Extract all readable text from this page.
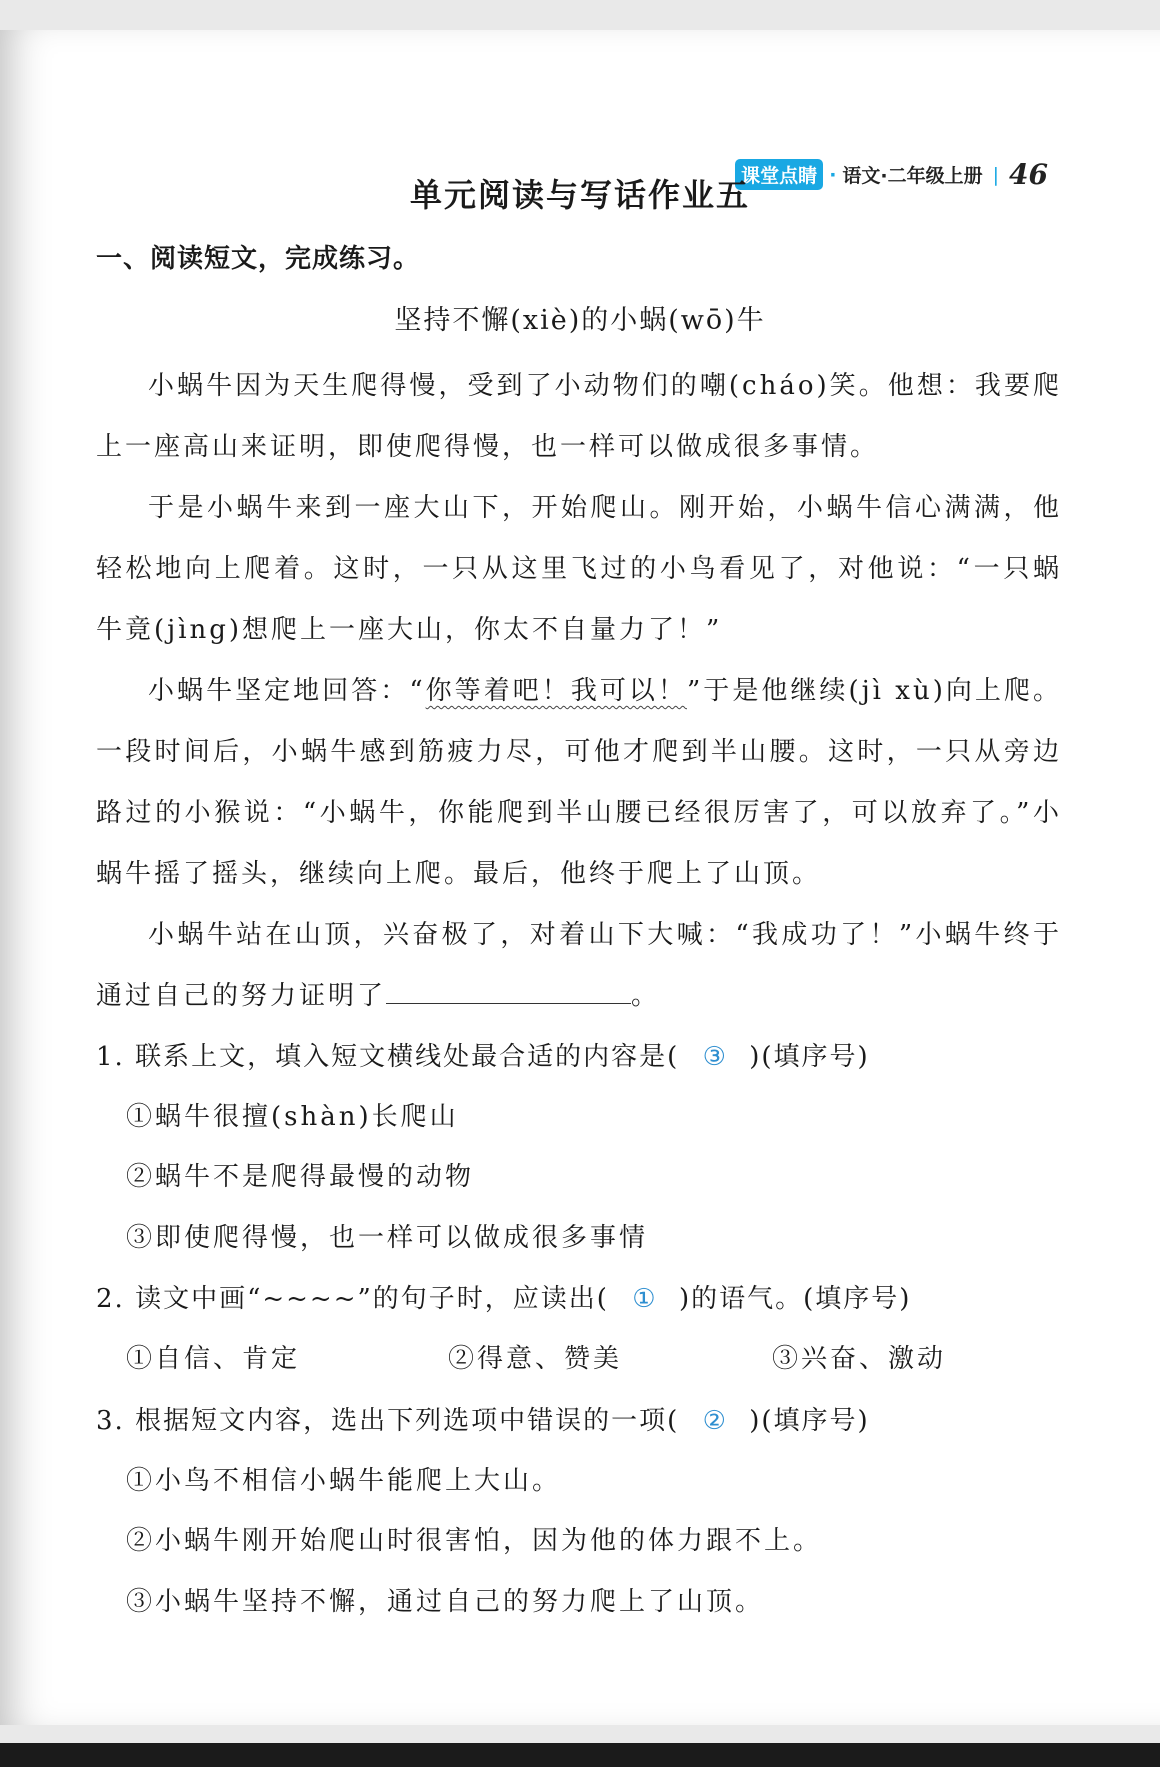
课堂点睛 · 语文·二年级上册 | 46
单元阅读与写话作业五
一、阅读短文，完成练习。
坚持不懈(xiè)的小蜗(wō)牛

小蜗牛因为天生爬得慢，受到了小动物们的嘲(cháo)笑。他想：我要爬上一座高山来证明，即使爬得慢，也一样可以做成很多事情。

于是小蜗牛来到一座大山下，开始爬山。刚开始，小蜗牛信心满满，他轻松地向上爬着。这时，一只从这里飞过的小鸟看见了，对他说：“一只蜗牛竟(jìng)想爬上一座大山，你太不自量力了！”

小蜗牛坚定地回答：“你等着吧！我可以！”于是他继续(jì xù)向上爬。一段时间后，小蜗牛感到筋疲力尽，可他才爬到半山腰。这时，一只从旁边路过的小猴说：“小蜗牛，你能爬到半山腰已经很厉害了，可以放弃了。”小蜗牛摇了摇头，继续向上爬。最后，他终于爬上了山顶。

小蜗牛站在山顶，兴奋极了，对着山下大喊：“我成功了！”小蜗牛终于通过自己的努力证明了	。

1. 联系上文，填入短文横线处最合适的内容是( ③ )(填序号)
①蜗牛很擅(shàn)长爬山
②蜗牛不是爬得最慢的动物
③即使爬得慢，也一样可以做成很多事情
2. 读文中画“~~~~”的句子时，应读出( ① )的语气。(填序号)
①自信、肯定	②得意、赞美	③兴奋、激动
3. 根据短文内容，选出下列选项中错误的一项( ② )(填序号)
①小鸟不相信小蜗牛能爬上大山。
②小蜗牛刚开始爬山时很害怕，因为他的体力跟不上。
③小蜗牛坚持不懈，通过自己的努力爬上了山顶。
